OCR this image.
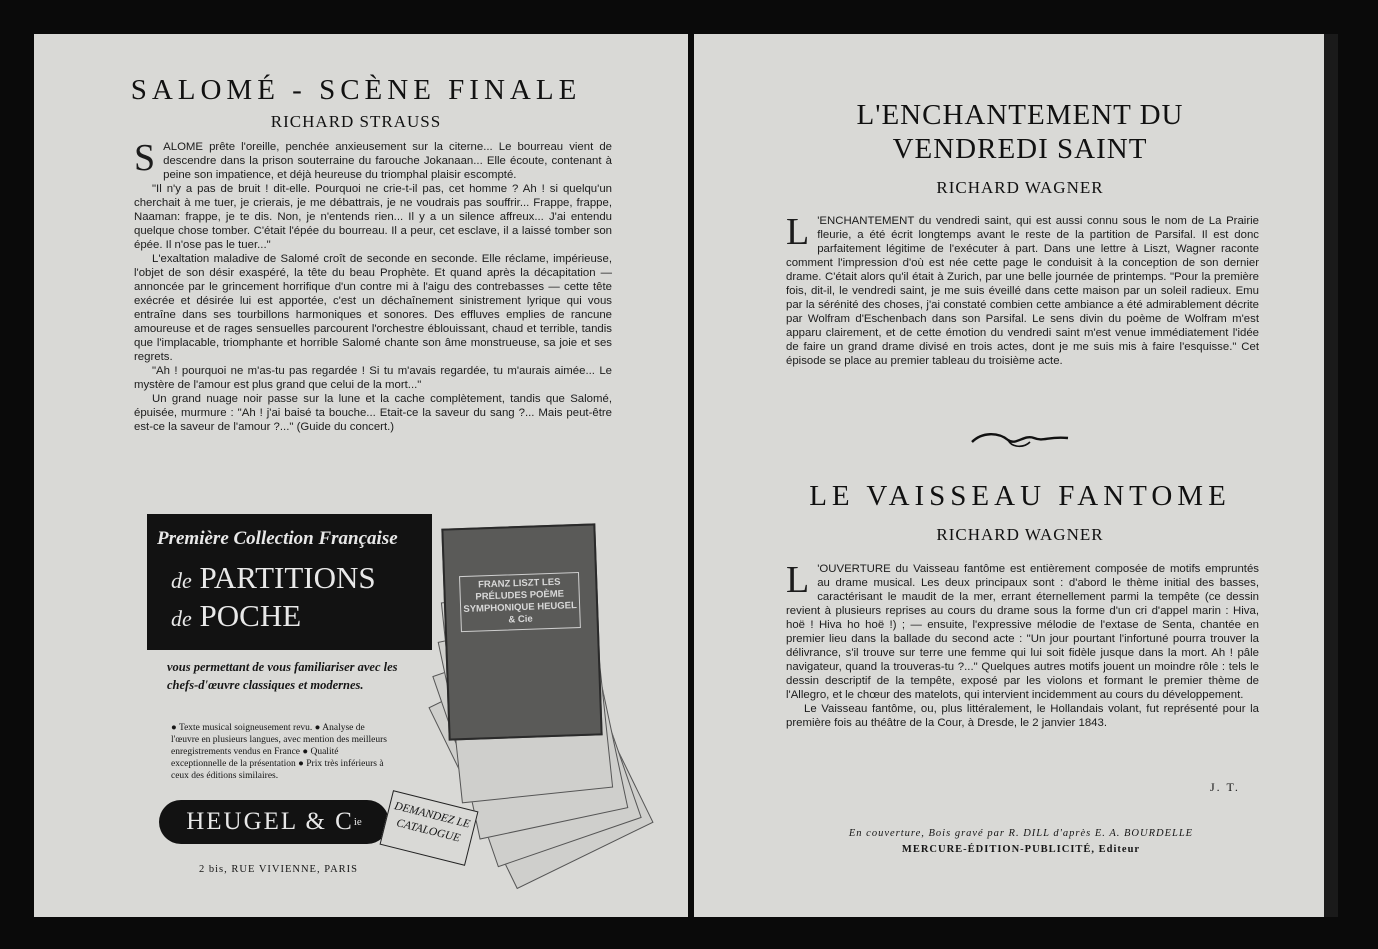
SALOMÉ - SCÈNE FINALE
RICHARD STRAUSS
S ALOME prête l'oreille, penchée anxieusement sur la citerne... Le bourreau vient de descendre dans la prison souterraine du farouche Jokanaan... Elle écoute, contenant à peine son impatience, et déjà heureuse du triomphal plaisir escompté.

"Il n'y a pas de bruit ! dit-elle. Pourquoi ne crie-t-il pas, cet homme ? Ah ! si quelqu'un cherchait à me tuer, je crierais, je me débattrais, je ne voudrais pas souffrir... Frappe, frappe, Naaman: frappe, je te dis. Non, je n'entends rien... Il y a un silence affreux... J'ai entendu quelque chose tomber. C'était l'épée du bourreau. Il a peur, cet esclave, il a laissé tomber son épée. Il n'ose pas le tuer..."

L'exaltation maladive de Salomé croît de seconde en seconde. Elle réclame, impérieuse, l'objet de son désir exaspéré, la tête du beau Prophète. Et quand après la décapitation — annoncée par le grincement horrifique d'un contre mi à l'aigu des contrebasses — cette tête exécrée et désirée lui est apportée, c'est un déchaînement sinistrement lyrique qui vous entraîne dans ses tourbillons harmoniques et sonores. Des effluves emplies de rancune amoureuse et de rages sensuelles parcourent l'orchestre éblouissant, chaud et terrible, tandis que l'implacable, triomphante et horrible Salomé chante son âme monstrueuse, sa joie et ses regrets.

"Ah ! pourquoi ne m'as-tu pas regardée ! Si tu m'avais regardée, tu m'aurais aimée... Le mystère de l'amour est plus grand que celui de la mort..."

Un grand nuage noir passe sur la lune et la cache complètement, tandis que Salomé, épuisée, murmure : "Ah ! j'ai baisé ta bouche... Etait-ce la saveur du sang ?... Mais peut-être est-ce la saveur de l'amour ?..." (Guide du concert.)

FRANZ LISZT LES PRÉLUDES POÈME SYMPHONIQUE HEUGEL & Cie
Première Collection Française
de PARTITIONS
de POCHE
vous permettant de vous familiariser avec les chefs-d'œuvre classiques et modernes.
● Texte musical soigneusement revu. ● Analyse de l'œuvre en plusieurs langues, avec mention des meilleurs enregistrements vendus en France ● Qualité exceptionnelle de la présentation ● Prix très inférieurs à ceux des éditions similaires.
HEUGEL & C ie	DEMANDEZ LE CATALOGUE
2 bis, RUE VIVIENNE, PARIS
L'ENCHANTEMENT DU
VENDREDI SAINT
RICHARD WAGNER
L 'ENCHANTEMENT du vendredi saint, qui est aussi connu sous le nom de La Prairie fleurie, a été écrit longtemps avant le reste de la partition de Parsifal. Il est donc parfaitement légitime de l'exécuter à part. Dans une lettre à Liszt, Wagner raconte comment l'impression d'où est née cette page le conduisit à la conception de son dernier drame. C'était alors qu'il était à Zurich, par une belle journée de printemps. "Pour la première fois, dit-il, le vendredi saint, je me suis éveillé dans cette maison par un soleil radieux. Emu par la sérénité des choses, j'ai constaté combien cette ambiance a été admirablement décrite par Wolfram d'Eschenbach dans son Parsifal. Le sens divin du poème de Wolfram m'est apparu clairement, et de cette émotion du vendredi saint m'est venue immédiatement l'idée de faire un grand drame divisé en trois actes, dont je me suis mis à faire l'esquisse." Cet épisode se place au premier tableau du troisième acte.
LE VAISSEAU FANTOME
RICHARD WAGNER
L 'OUVERTURE du Vaisseau fantôme est entièrement composée de motifs empruntés au drame musical. Les deux principaux sont : d'abord le thème initial des basses, caractérisant le maudit de la mer, errant éternellement parmi la tempête (ce dessin revient à plusieurs reprises au cours du drame sous la forme d'un cri d'appel marin : Hiva, hoë ! Hiva ho hoë !) ; — ensuite, l'expressive mélodie de l'extase de Senta, chantée en premier lieu dans la ballade du second acte : "Un jour pourtant l'infortuné pourra trouver la délivrance, s'il trouve sur terre une femme qui lui soit fidèle jusque dans la mort. Ah ! pâle navigateur, quand la trouveras-tu ?..." Quelques autres motifs jouent un moindre rôle : tels le dessin descriptif de la tempête, exposé par les violons et formant le premier thème de l'Allegro, et le chœur des matelots, qui intervient incidemment au cours du développement.

Le Vaisseau fantôme, ou, plus littéralement, le Hollandais volant, fut représenté pour la première fois au théâtre de la Cour, à Dresde, le 2 janvier 1843.

J. T.
En couverture, Bois gravé par R. DILL d'après E. A. BOURDELLE
MERCURE-ÉDITION-PUBLICITÉ, Editeur
